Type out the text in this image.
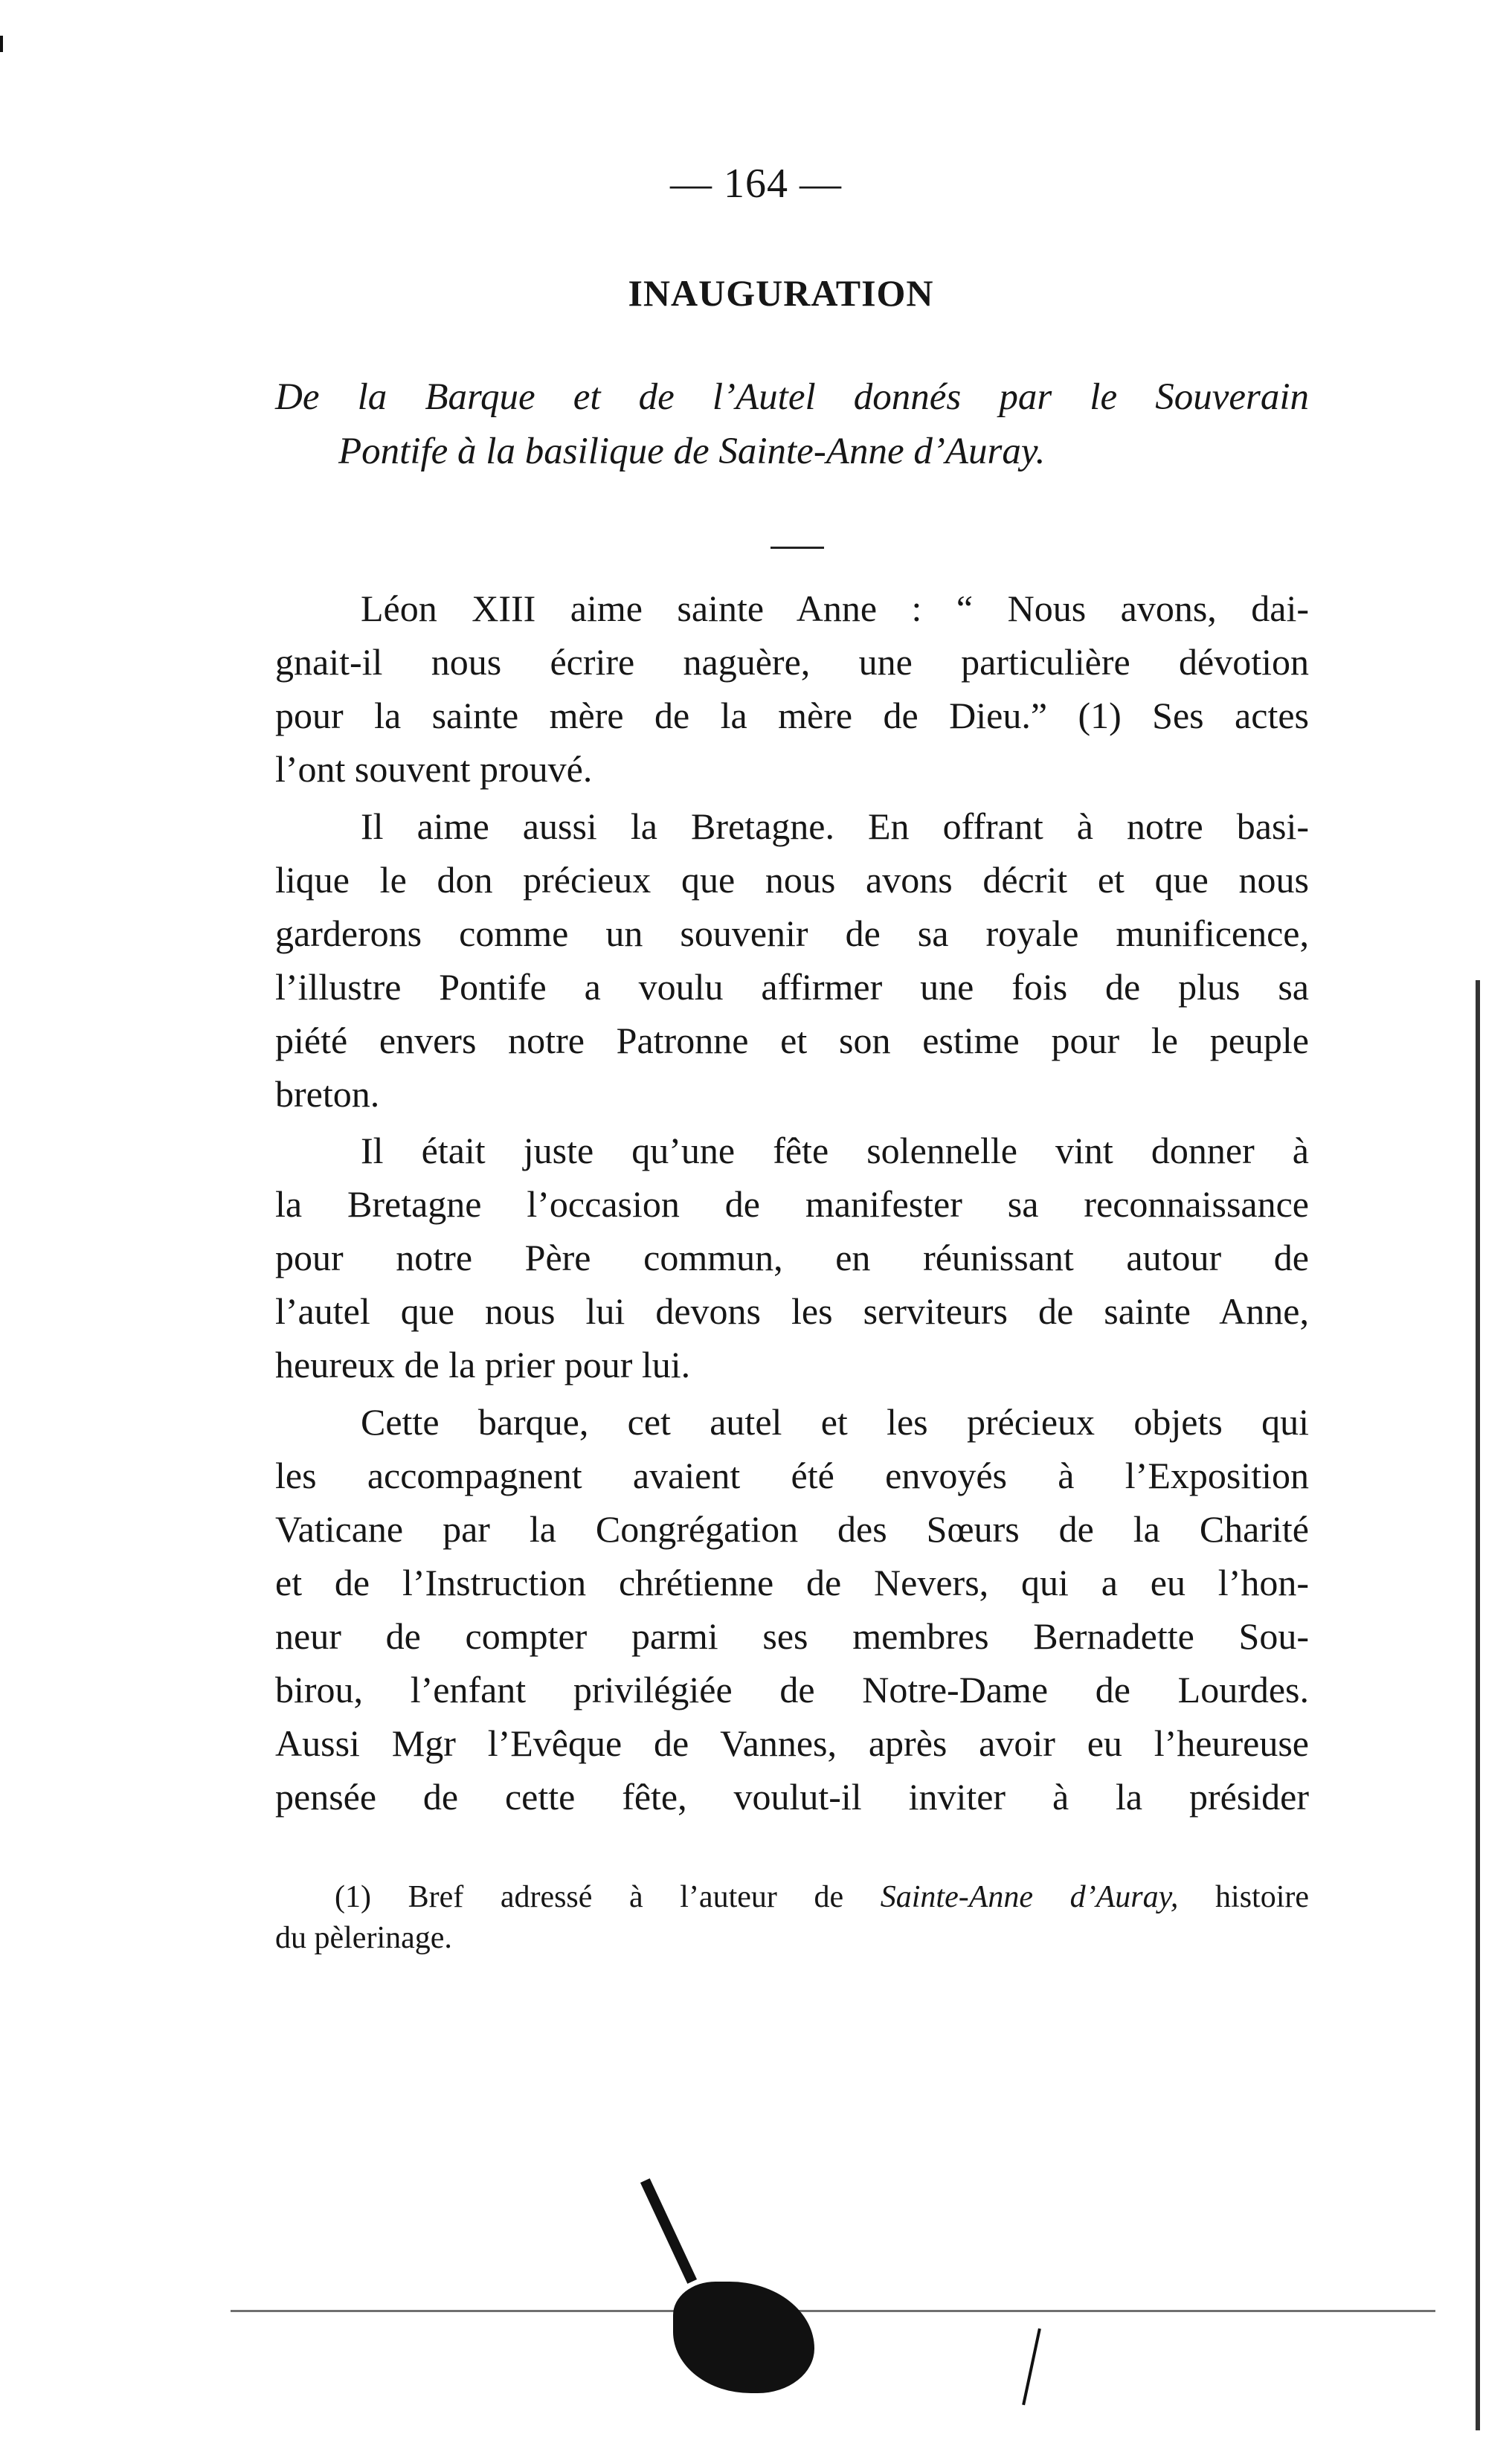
— 164 —
INAUGURATION
De la Barque et de l’Autel donnés par le Souverain
Pontife à la basilique de Sainte-Anne d’Auray.
Léon XIII aime sainte Anne : “ Nous avons, dai-
gnait-il nous écrire naguère, une particulière dévotion
pour la sainte mère de la mère de Dieu.” (1) Ses actes
l’ont souvent prouvé.
Il aime aussi la Bretagne. En offrant à notre basi-
lique le don précieux que nous avons décrit et que nous
garderons comme un souvenir de sa royale munificence,
l’illustre Pontife a voulu affirmer une fois de plus sa
piété envers notre Patronne et son estime pour le peuple
breton.
Il était juste qu’une fête solennelle vint donner à
la Bretagne l’occasion de manifester sa reconnaissance
pour notre Père commun, en réunissant autour de
l’autel que nous lui devons les serviteurs de sainte Anne,
heureux de la prier pour lui.
Cette barque, cet autel et les précieux objets qui
les accompagnent avaient été envoyés à l’Exposition
Vaticane par la Congrégation des Sœurs de la Charité
et de l’Instruction chrétienne de Nevers, qui a eu l’hon-
neur de compter parmi ses membres Bernadette Sou-
birou, l’enfant privilégiée de Notre-Dame de Lourdes.
Aussi Mgr l’Evêque de Vannes, après avoir eu l’heureuse
pensée de cette fête, voulut-il inviter à la présider
(1) Bref adressé à l’auteur de Sainte-Anne d’Auray, histoire
du pèlerinage.
